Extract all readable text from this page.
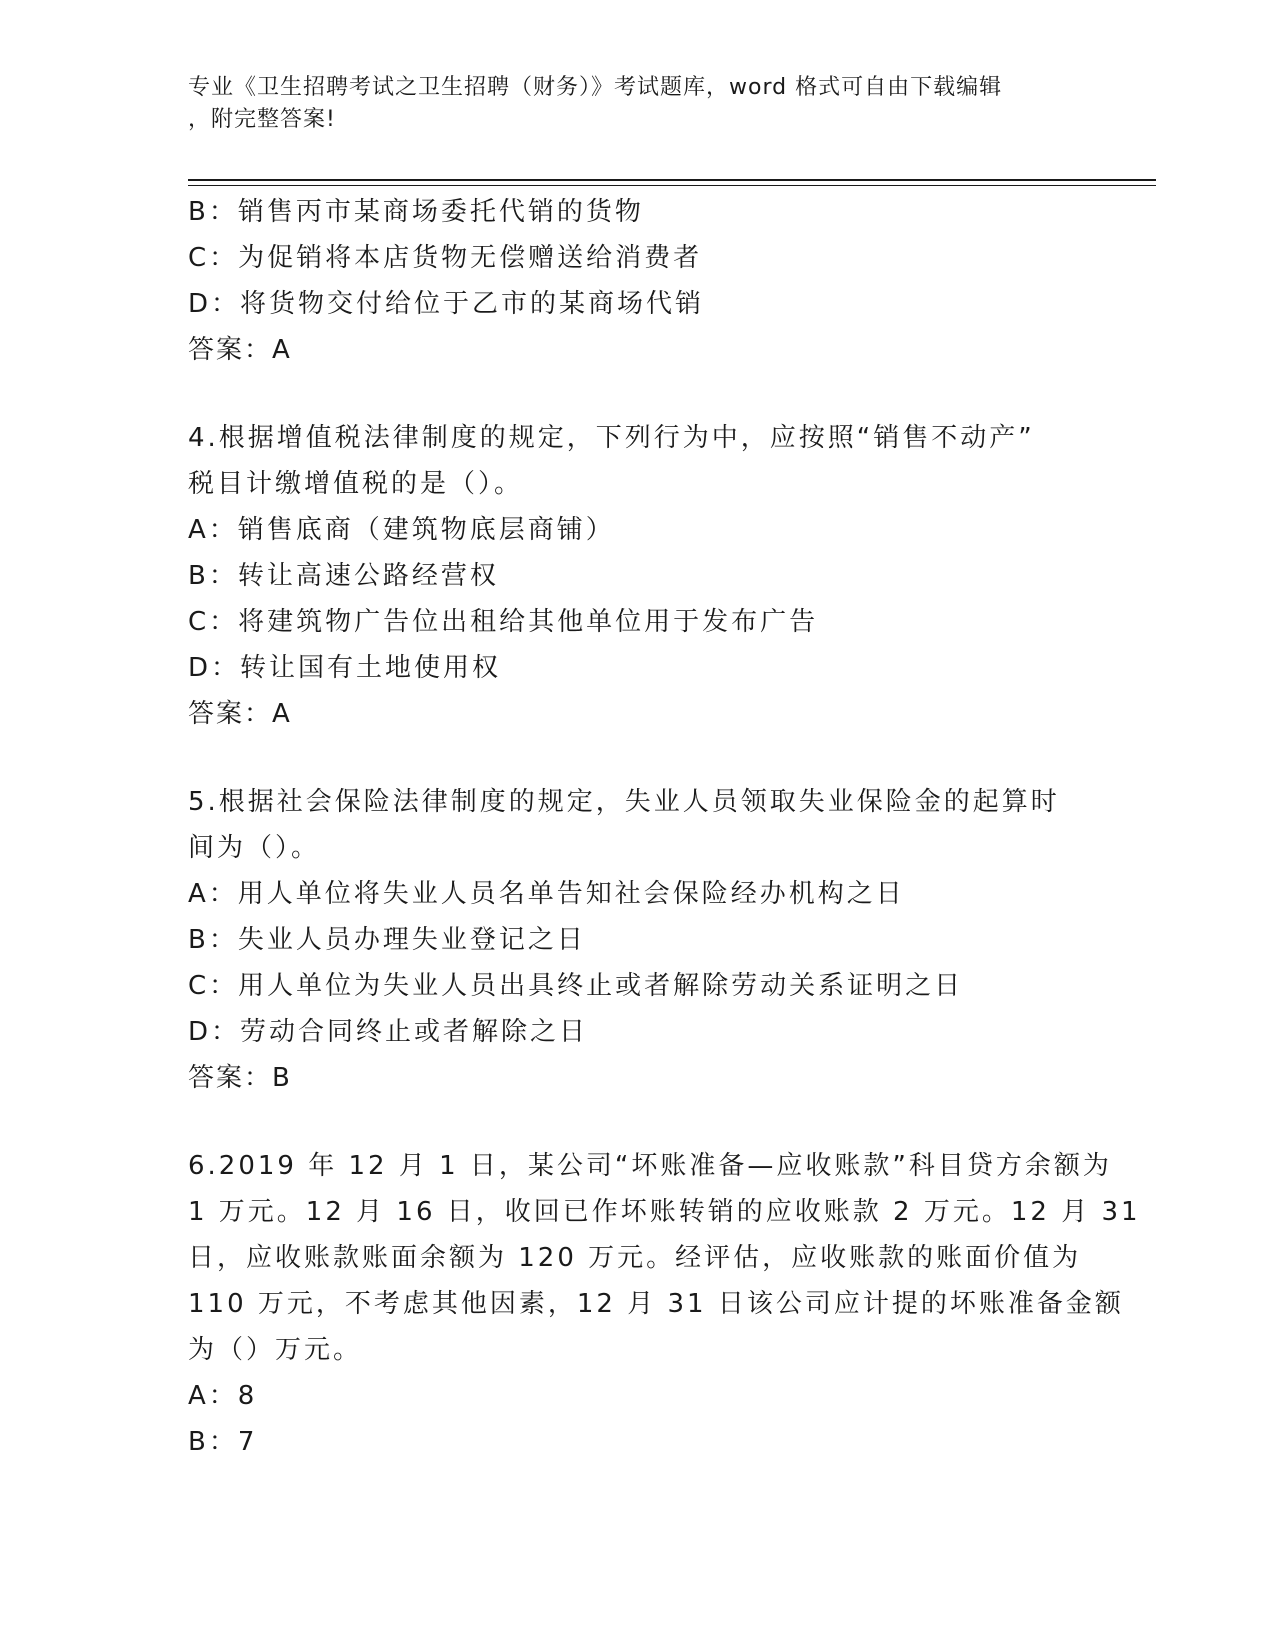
专业《卫生招聘考试之卫生招聘（财务）》考试题库，word 格式可自由下载编辑
，附完整答案!
B：销售丙市某商场委托代销的货物
C：为促销将本店货物无偿赠送给消费者
D：将货物交付给位于乙市的某商场代销
答案：A
4.根据增值税法律制度的规定，下列行为中，应按照“销售不动产”
税目计缴增值税的是（）。
A：销售底商（建筑物底层商铺）
B：转让高速公路经营权
C：将建筑物广告位出租给其他单位用于发布广告
D：转让国有土地使用权
答案：A
5.根据社会保险法律制度的规定，失业人员领取失业保险金的起算时
间为（）。
A：用人单位将失业人员名单告知社会保险经办机构之日
B：失业人员办理失业登记之日
C：用人单位为失业人员出具终止或者解除劳动关系证明之日
D：劳动合同终止或者解除之日
答案：B
6.2019 年 12 月 1 日，某公司“坏账准备—应收账款”科目贷方余额为
1 万元。12 月 16 日，收回已作坏账转销的应收账款 2 万元。12 月 31
日，应收账款账面余额为 120 万元。经评估，应收账款的账面价值为
110 万元，不考虑其他因素，12 月 31 日该公司应计提的坏账准备金额
为（）万元。
A：8
B：7
